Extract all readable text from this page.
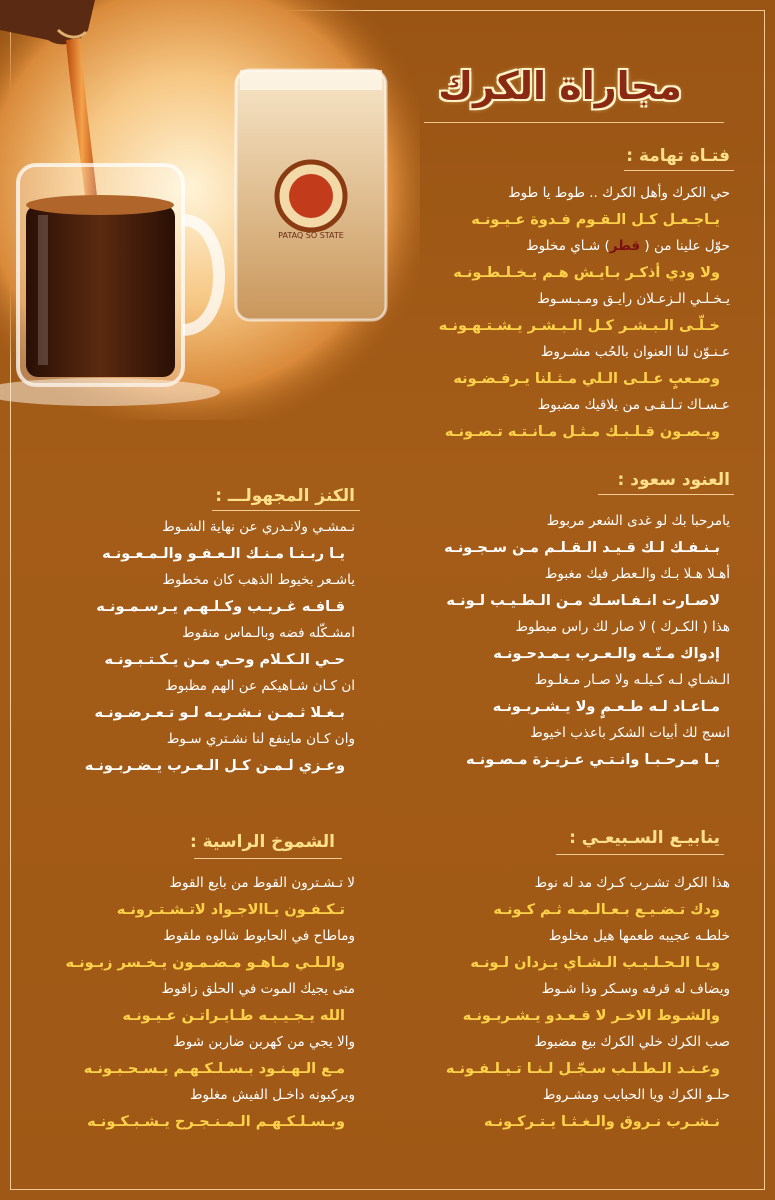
PATAQ SO STATE
مجاراة الكرك
فتـاة تهامة :
حي الكرك وأهل الكرك .. طوط يا طوط
يـاجـعـل كـل الـقـوم فـدوة عـيـونـه
حوّل علينا من ( قطر) شـاي مخلوط
ولا ودي أذكـر بـايـش هـم يـخـلـطـونـه
يـخـلـي الـزعـلان رايـق ومـبـسـوط
خـلّـى الـبـشـر كـل الـبـشـر يـشـتـهـونـه
عـنـوّن لنا العنوان بالحُب مشـروط
وصـعبٍ عـلـى الـلي مـثـلنا يـرفـضـونه
عـسـاك تـلـقـى من يلاقيك مضبوط
ويـصـون قـلـبـك مـثـل مـانـتـه تـصـونـه
العنود سعود :
يامرحبا بك لو غدى الشعر مربوط
بـنـفـك لـك قـيـد الـقـلـم مـن سـجـونـه
أهـلا هـلا بـك والـعطر فيك مغبوط
لاصـارت انـفـاسـك مـن الـطـيـب لـونـه
هذا ( الكـرك ) لا صار لك راس مبطوط
إدواك مـنّـه والـعـرب يـمـدحـونـه
الـشـاي لـه كـيلـه ولا صـار مـغلـوط
مـاعـاد لـه طـعـمٍ ولا يـشـربـونـه
انسج لك أبيات الشكر باعذب اخيوط
يـا مـرحـبـا وانـتـي عـزيـزة مـصـونـه
الكنز المجهولـــ :
نـمشـي ولانـدري عن نهاية الشـوط
يـا ربـنـا مـنـك الـعـفـو والـمـعـونـه
ياشـعر بخيوط الذهب كان مخطوط
قـافـه غـريـب وكـلـهـم يـرسـمـونـه
امشـكّله فضه وبالـماس منقوط
حـي الـكـلام وحـي مـن يـكـتـبـونـه
ان كـان شـاهيكم عن الهم مظبوط
بـغـلا ثـمـن نـشـريـه لـو تـعـرضـونـه
وان كـان ماينفع لنا نشـتري سـوط
وعـزي لـمـن كـل الـعـرب يـضـربـونـه
ينابيـع السـبيعـي :
هذا الكرك تشـرب كـرك مد له نوط
ودك تـضـيـع بـعـالـمـه ثـم كـونـه
خلطـه عجيبه طعمها هيل مخلوط
ويـا الـحـلـيـب الـشـاي يـزدان لـونـه
ويضاف له قرفه وسـكر وذا شـوط
والشـوط الاخـر لا قـعـدو يـشـربـونـه
صب الكرك خلي الكرك بيع مضبوط
وعـنـد الـطـلـب سـجّـل لـنـا تـيـلـفـونـه
حلـو الكرك ويا الحبايب ومشـروط
نـشـرب نـروق والـغـثـا يـتـركـونـه
الشموخ الراسية :
لا تـشـترون القوط من بايع القوط
تـكـفـون يـاالاجـواد لاتـشـتـرونـه
وماطاح في الحابوط شالوه ملقوط
والـلـي مـاهـو مـضـمـون يـخـسر زبـونـه
متى يجيك الموت في الحلق زاقوط
الله يـجـيـبـه طـايـراتـن عـيـونـه
والا يجي من كهربن ضاربن شوط
مـع الـهـنـود بـسـلـكـهـم يـسـحـبـونـه
ويركبونه داخـل الفيش مغلوط
وبـسـلـكـهـم الـمـنـجـرح يـشـبـكـونـه
